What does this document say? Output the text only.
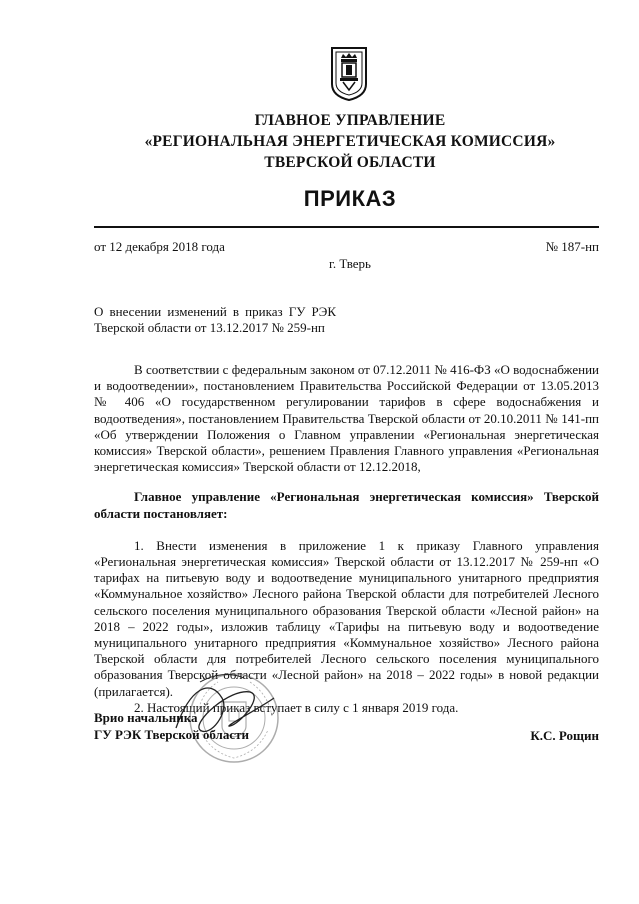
ГЛАВНОЕ УПРАВЛЕНИЕ
«РЕГИОНАЛЬНАЯ ЭНЕРГЕТИЧЕСКАЯ КОМИССИЯ»
ТВЕРСКОЙ ОБЛАСТИ
ПРИКАЗ
от 12 декабря 2018 года	№ 187-нп
г. Тверь
О внесении изменений в приказ ГУ РЭК Тверской области от 13.12.2017 № 259-нп

В соответствии с федеральным законом от 07.12.2011 № 416-ФЗ «О водоснабжении и водоотведении», постановлением Правительства Российской Федерации от 13.05.2013 № 406 «О государственном регулировании тарифов в сфере водоснабжения и водоотведения», постановлением Правительства Тверской области от 20.10.2011 № 141-пп «Об утверждении Положения о Главном управлении «Региональная энергетическая комиссия» Тверской области», решением Правления Главного управления «Региональная энергетическая комиссия» Тверской области от 12.12.2018,

Главное управление «Региональная энергетическая комиссия» Тверской области постановляет:

1. Внести изменения в приложение 1 к приказу Главного управления «Региональная энергетическая комиссия» Тверской области от 13.12.2017 № 259-нп «О тарифах на питьевую воду и водоотведение муниципального унитарного предприятия «Коммунальное хозяйство» Лесного района Тверской области для потребителей Лесного сельского поселения муниципального образования Тверской области «Лесной район» на 2018 – 2022 годы», изложив таблицу «Тарифы на питьевую воду и водоотведение муниципального унитарного предприятия «Коммунальное хозяйство» Лесного района Тверской области для потребителей Лесного сельского поселения муниципального образования Тверской области «Лесной район» на 2018 – 2022 годы» в новой редакции (прилагается).

2. Настоящий приказ вступает в силу с 1 января 2019 года.

Врио начальника
ГУ РЭК Тверской области	К.С. Рощин
